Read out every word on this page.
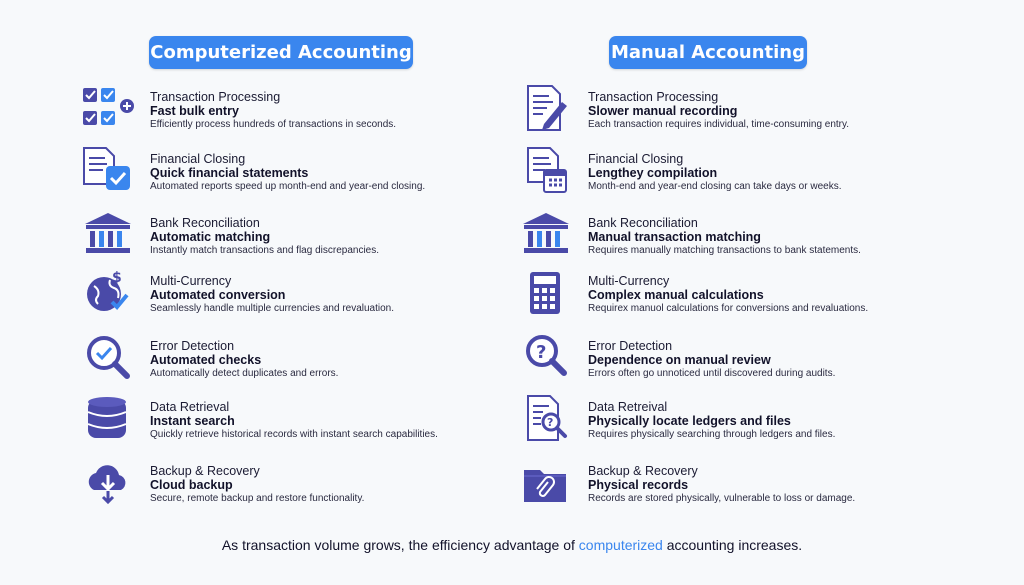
Computerized Accounting	Manual Accounting
Transaction Processing
Fast bulk entry
Efficiently process hundreds of transactions in seconds.
Financial Closing
Quick financial statements
Automated reports speed up month-end and year-end closing.
Bank Reconciliation
Automatic matching
Instantly match transactions and flag discrepancies.
$ Multi-Currency
Automated conversion
Seamlessly handle multiple currencies and revaluation.
Error Detection
Automated checks
Automatically detect duplicates and errors.
Data Retrieval
Instant search
Quickly retrieve historical records with instant search capabilities.
Backup & Recovery
Cloud backup
Secure, remote backup and restore functionality.
Transaction Processing
Slower manual recording
Each transaction requires individual, time-consuming entry.
Financial Closing
Lengthey compilation
Month-end and year-end closing can take days or weeks.
Bank Reconciliation
Manual transaction matching
Requires manually matching transactions to bank statements.
Multi-Currency
Complex manual calculations
Requirex manuol calculations for conversions and revaluations.
?	Error Detection
Dependence on manual review
Errors often go unnoticed until discovered during audits.
?
Data Retreival
Physically locate ledgers and files
Requires physically searching through ledgers and files.
Backup & Recovery
Physical records
Records are stored physically, vulnerable to loss or damage.
As transaction volume grows, the efficiency advantage of computerized accounting increases.
